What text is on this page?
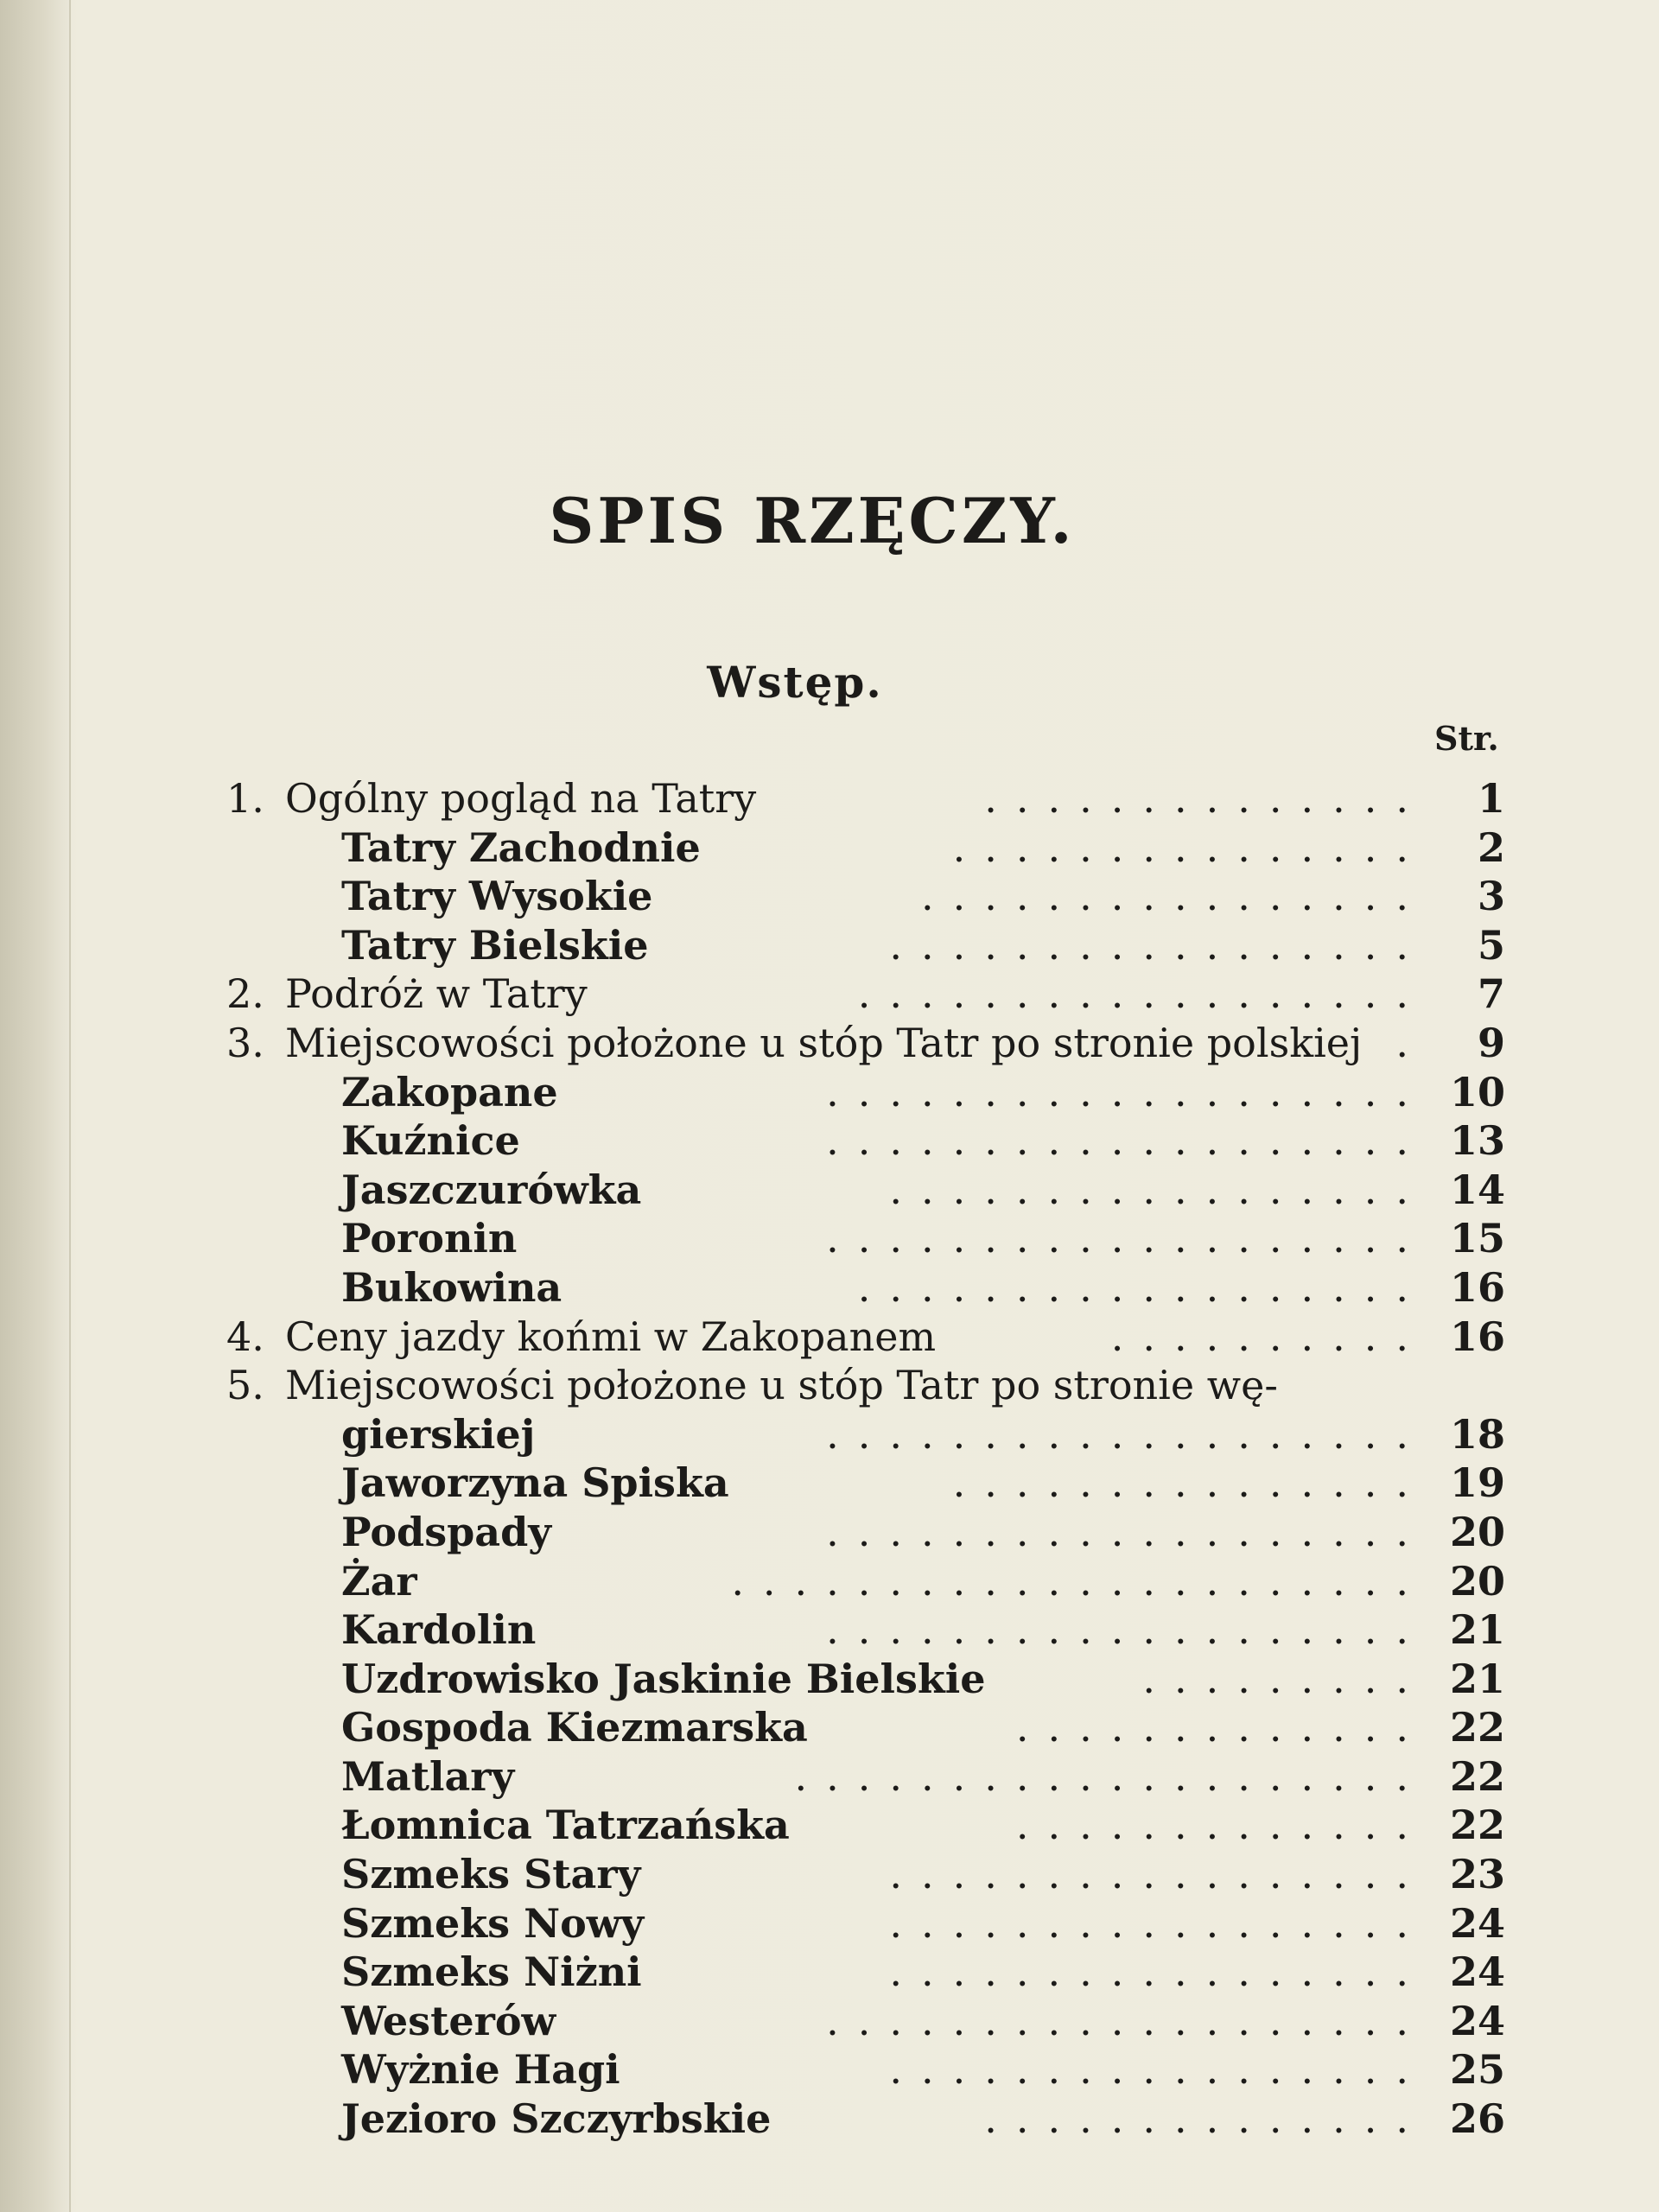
SPIS RZĘCZY.
Wstęp.
Str.
1. Ogólny pogląd na Tatry	1
..............
Tatry Zachodnie	2
...............
Tatry Wysokie	3
................
Tatry Bielskie	5
.................
2. Podróż w Tatry	7
..................
3. Miejscowości położone u stóp Tatr po stronie polskiej	9
.
Zakopane	10
...................
Kuźnice	13
...................
Jaszczurówka	14
.................
Poronin	15
...................
Bukowina	16
..................
4. Ceny jazdy końmi w Zakopanem	16
..........
5. Miejscowości położone u stóp Tatr po stronie wę-
gierskiej	18
...................
Jaworzyna Spiska	19
...............
Podspady	20
...................
Żar	20
......................
Kardolin	21
...................
Uzdrowisko Jaskinie Bielskie	21
.........
Gospoda Kiezmarska	22
.............
Matlary	22
....................
Łomnica Tatrzańska	22
.............
Szmeks Stary	23
.................
Szmeks Nowy	24
.................
Szmeks Niżni	24
.................
Westerów	24
...................
Wyżnie Hagi	25
.................
Jezioro Szczyrbskie	26
..............
